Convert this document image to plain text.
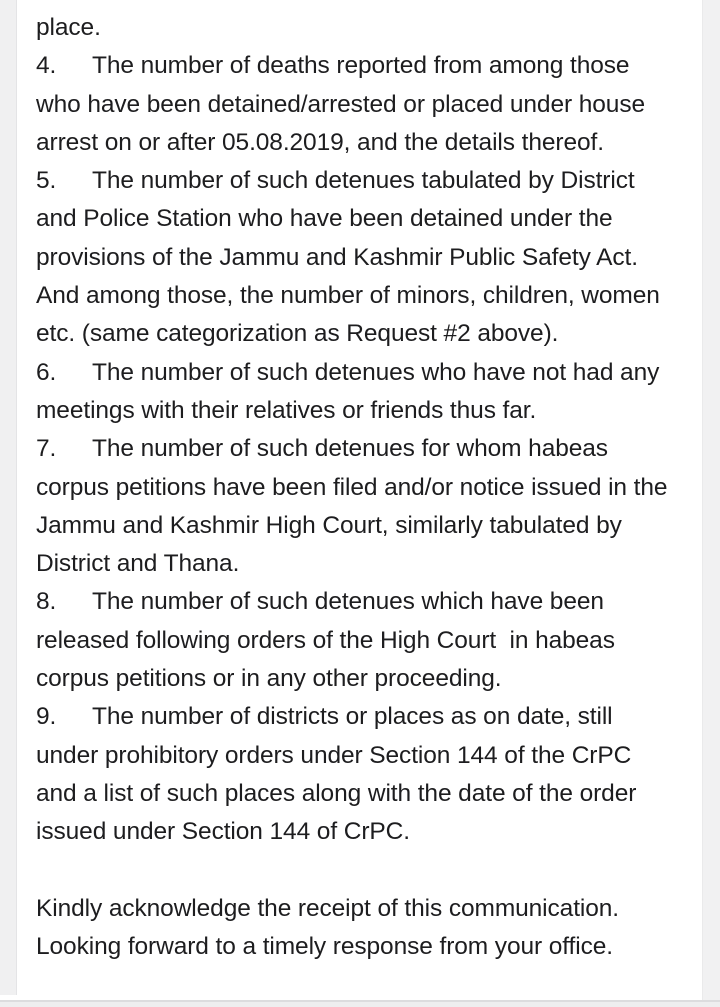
place.
4.	The number of deaths reported from among those
who have been detained/arrested or placed under house
arrest on or after 05.08.2019, and the details thereof.
5.	The number of such detenues tabulated by District
and Police Station who have been detained under the
provisions of the Jammu and Kashmir Public Safety Act.
And among those, the number of minors, children, women
etc. (same categorization as Request #2 above).
6.	The number of such detenues who have not had any
meetings with their relatives or friends thus far.
7.	The number of such detenues for whom habeas
corpus petitions have been filed and/or notice issued in the
Jammu and Kashmir High Court, similarly tabulated by
District and Thana.
8.	The number of such detenues which have been
released following orders of the High Court  in habeas
corpus petitions or in any other proceeding.
9.	The number of districts or places as on date, still
under prohibitory orders under Section 144 of the CrPC
and a list of such places along with the date of the order
issued under Section 144 of CrPC.
Kindly acknowledge the receipt of this communication.
Looking forward to a timely response from your office.
